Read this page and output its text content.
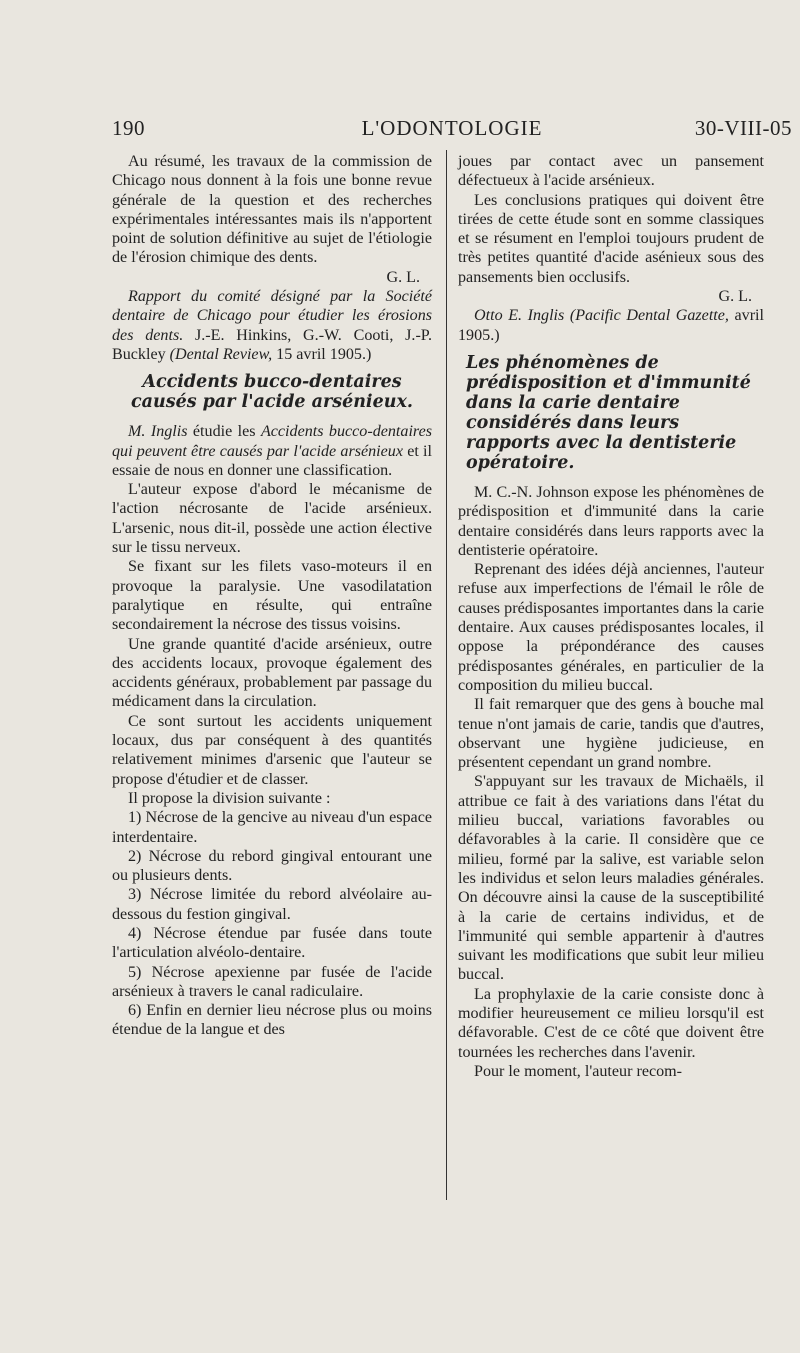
190	L'ODONTOLOGIE	30-VIII-05

Au résumé, les travaux de la commission de Chicago nous donnent à la fois une bonne revue générale de la question et des recherches expérimentales intéressantes mais ils n'apportent point de solution définitive au sujet de l'étiologie de l'érosion chimique des dents.

G. L.

Rapport du comité désigné par la Société dentaire de Chicago pour étudier les érosions des dents. J.-E. Hinkins, G.-W. Cooti, J.-P. Buckley (Dental Review, 15 avril 1905.)

Accidents bucco-dentaires causés par l'acide arsénieux.

M. Inglis étudie les Accidents bucco-dentaires qui peuvent être causés par l'acide arsénieux et il essaie de nous en donner une classification.

L'auteur expose d'abord le mécanisme de l'action nécrosante de l'acide arsénieux. L'arsenic, nous dit-il, possède une action élective sur le tissu nerveux.

Se fixant sur les filets vaso-moteurs il en provoque la paralysie. Une vasodilatation paralytique en résulte, qui entraîne secondairement la nécrose des tissus voisins.

Une grande quantité d'acide arsénieux, outre des accidents locaux, provoque également des accidents généraux, probablement par passage du médicament dans la circulation.

Ce sont surtout les accidents uniquement locaux, dus par conséquent à des quantités relativement minimes d'arsenic que l'auteur se propose d'étudier et de classer.

Il propose la division suivante :

1) Nécrose de la gencive au niveau d'un espace interdentaire.

2) Nécrose du rebord gingival entourant une ou plusieurs dents.

3) Nécrose limitée du rebord alvéolaire au-dessous du festion gingival.

4) Nécrose étendue par fusée dans toute l'articulation alvéolo-dentaire.

5) Nécrose apexienne par fusée de l'acide arsénieux à travers le canal radiculaire.

6) Enfin en dernier lieu nécrose plus ou moins étendue de la langue et des

joues par contact avec un pansement défectueux à l'acide arsénieux.

Les conclusions pratiques qui doivent être tirées de cette étude sont en somme classiques et se résument en l'emploi toujours prudent de très petites quantité d'acide asénieux sous des pansements bien occlusifs.

G. L.

Otto E. Inglis (Pacific Dental Gazette, avril 1905.)

Les phénomènes de prédisposition et d'immunité dans la carie dentaire considérés dans leurs rapports avec la dentisterie opératoire.

M. C.-N. Johnson expose les phénomènes de prédisposition et d'immunité dans la carie dentaire considérés dans leurs rapports avec la dentisterie opératoire.

Reprenant des idées déjà anciennes, l'auteur refuse aux imperfections de l'émail le rôle de causes prédisposantes importantes dans la carie dentaire. Aux causes prédisposantes locales, il oppose la prépondérance des causes prédisposantes générales, en particulier de la composition du milieu buccal.

Il fait remarquer que des gens à bouche mal tenue n'ont jamais de carie, tandis que d'autres, observant une hygiène judicieuse, en présentent cependant un grand nombre.

S'appuyant sur les travaux de Michaëls, il attribue ce fait à des variations dans l'état du milieu buccal, variations favorables ou défavorables à la carie. Il considère que ce milieu, formé par la salive, est variable selon les individus et selon leurs maladies générales. On découvre ainsi la cause de la susceptibilité à la carie de certains individus, et de l'immunité qui semble appartenir à d'autres suivant les modifications que subit leur milieu buccal.

La prophylaxie de la carie consiste donc à modifier heureusement ce milieu lorsqu'il est défavorable. C'est de ce côté que doivent être tournées les recherches dans l'avenir.

Pour le moment, l'auteur recom-
